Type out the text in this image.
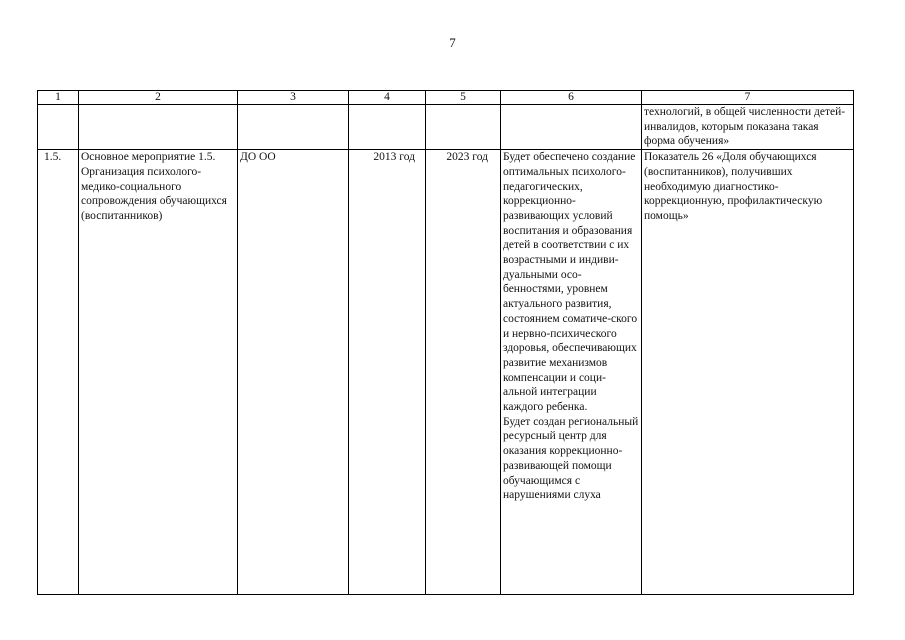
7
1	2	3	4	5	6	7
						технологий, в общей численности детей-инвалидов, которым показана такая форма обучения»
1.5.	Основное мероприятие 1.5. Организация психолого-медико-социального сопровождения обучающихся (воспитанников)	ДО ОО	2013 год	2023 год	Будет обеспечено создание оптимальных психолого-педагогических, коррекционно-развивающих условий воспитания и образования детей в соответствии с их возрастными и индиви-дуальными осо-бенностями, уровнем актуального развития, состоянием соматиче-ского и нервно-психического здоровья, обеспечивающих развитие механизмов компенсации и соци-альной интеграции каждого ребенка.

Будет создан региональный ресурсный центр для оказания коррекционно-развивающей помощи обучающимся с нарушениями слуха	Показатель 26 «Доля обучающихся (воспитанников), получивших необходимую диагностико-коррекционную, профилактическую помощь»
